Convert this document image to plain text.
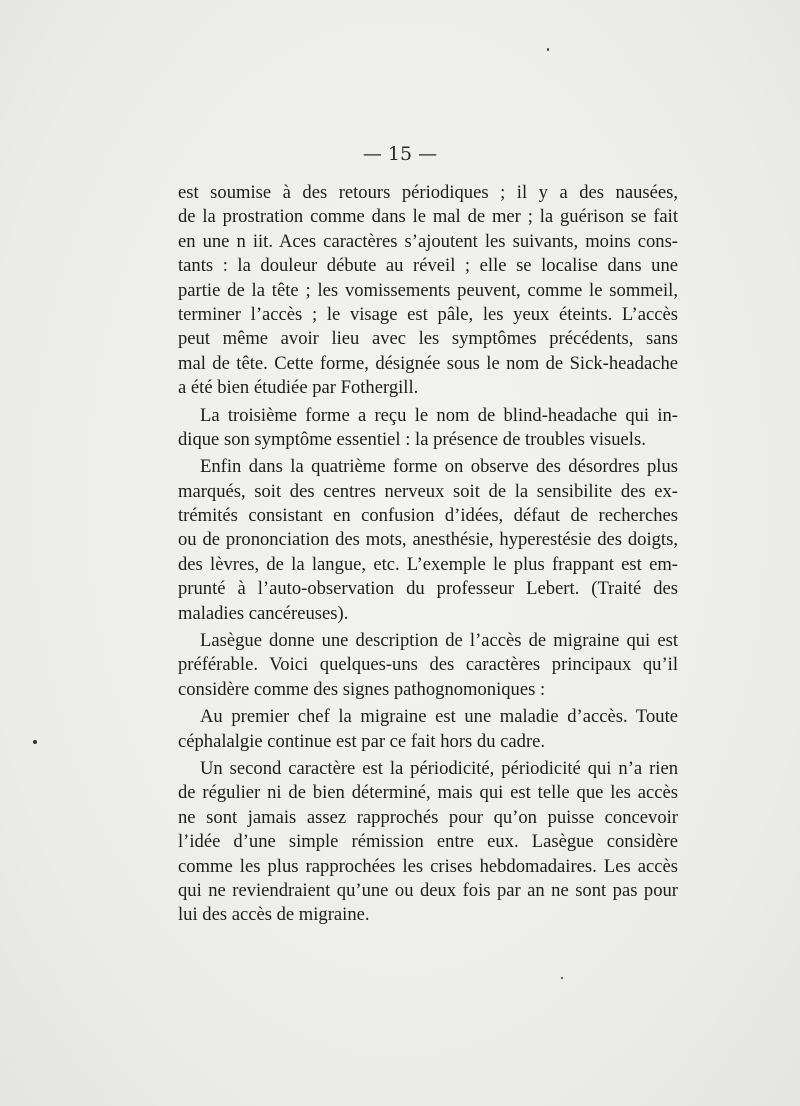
— 15 —
est soumise à des retours périodiques ; il y a des nausées,
de la prostration comme dans le mal de mer ; la guérison se fait
en une n iit. Aces caractères s’ajoutent les suivants, moins cons-
tants : la douleur débute au réveil ; elle se localise dans une
partie de la tête ; les vomissements peuvent, comme le sommeil,
terminer l’accès ; le visage est pâle, les yeux éteints. L’accès
peut même avoir lieu avec les symptômes précédents, sans
mal de tête. Cette forme, désignée sous le nom de Sick-headache
a été bien étudiée par Fothergill.
La troisième forme a reçu le nom de blind-headache qui in-
dique son symptôme essentiel : la présence de troubles visuels.
Enfin dans la quatrième forme on observe des désordres plus
marqués, soit des centres nerveux soit de la sensibilite des ex-
trémités consistant en confusion d’idées, défaut de recherches
ou de prononciation des mots, anesthésie, hyperestésie des doigts,
des lèvres, de la langue, etc. L’exemple le plus frappant est em-
prunté à l’auto-observation du professeur Lebert. (Traité des
maladies cancéreuses).
Lasègue donne une description de l’accès de migraine qui est
préférable. Voici quelques-uns des caractères principaux qu’il
considère comme des signes pathognomoniques :
Au premier chef la migraine est une maladie d’accès. Toute
céphalalgie continue est par ce fait hors du cadre.
Un second caractère est la périodicité, périodicité qui n’a rien
de régulier ni de bien déterminé, mais qui est telle que les accès
ne sont jamais assez rapprochés pour qu’on puisse concevoir
l’idée d’une simple rémission entre eux. Lasègue considère
comme les plus rapprochées les crises hebdomadaires. Les accès
qui ne reviendraient qu’une ou deux fois par an ne sont pas pour
lui des accès de migraine.
